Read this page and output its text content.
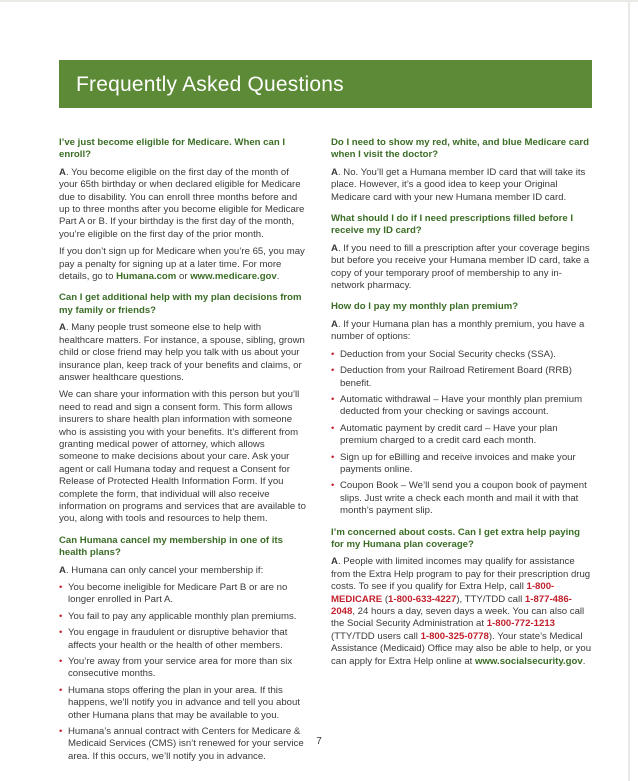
Frequently Asked Questions

I’ve just become eligible for Medicare. When can I enroll?

A. You become eligible on the first day of the month of your 65th birthday or when declared eligible for Medicare due to disability. You can enroll three months before and up to three months after you become eligible for Medicare Part A or B. If your birthday is the first day of the month, you’re eligible on the first day of the prior month.

If you don’t sign up for Medicare when you’re 65, you may pay a penalty for signing up at a later time. For more details, go to Humana.com or www.medicare.gov.

Can I get additional help with my plan decisions from my family or friends?

A. Many people trust someone else to help with healthcare matters. For instance, a spouse, sibling, grown child or close friend may help you talk with us about your insurance plan, keep track of your benefits and claims, or answer healthcare questions.

We can share your information with this person but you’ll need to read and sign a consent form. This form allows insurers to share health plan information with someone who is assisting you with your benefits. It’s different from granting medical power of attorney, which allows someone to make decisions about your care. Ask your agent or call Humana today and request a Consent for Release of Protected Health Information Form. If you complete the form, that individual will also receive information on programs and services that are available to you, along with tools and resources to help them.

Can Humana cancel my membership in one of its health plans?

A. Humana can only cancel your membership if:

• You become ineligible for Medicare Part B or are no longer enrolled in Part A.
• You fail to pay any applicable monthly plan premiums.
• You engage in fraudulent or disruptive behavior that affects your health or the health of other members.
• You’re away from your service area for more than six consecutive months.
• Humana stops offering the plan in your area. If this happens, we’ll notify you in advance and tell you about other Humana plans that may be available to you.
• Humana’s annual contract with Centers for Medicare & Medicaid Services (CMS) isn’t renewed for your service area. If this occurs, we’ll notify you in advance.

Do I need to show my red, white, and blue Medicare card when I visit the doctor?

A. No. You’ll get a Humana member ID card that will take its place. However, it’s a good idea to keep your Original Medicare card with your new Humana member ID card.

What should I do if I need prescriptions filled before I receive my ID card?

A. If you need to fill a prescription after your coverage begins but before you receive your Humana member ID card, take a copy of your temporary proof of membership to any in-network pharmacy.

How do I pay my monthly plan premium?

A. If your Humana plan has a monthly premium, you have a number of options:

• Deduction from your Social Security checks (SSA).
• Deduction from your Railroad Retirement Board (RRB) benefit.
• Automatic withdrawal – Have your monthly plan premium deducted from your checking or savings account.
• Automatic payment by credit card – Have your plan premium charged to a credit card each month.
• Sign up for eBilling and receive invoices and make your payments online.
• Coupon Book – We’ll send you a coupon book of payment slips. Just write a check each month and mail it with that month’s payment slip.

I’m concerned about costs. Can I get extra help paying for my Humana plan coverage?

A. People with limited incomes may qualify for assistance from the Extra Help program to pay for their prescription drug costs. To see if you qualify for Extra Help, call 1-800-MEDICARE (1-800-633-4227), TTY/TDD call 1-877-486-2048, 24 hours a day, seven days a week. You can also call the Social Security Administration at 1-800-772-1213 (TTY/TDD users call 1-800-325-0778). Your state’s Medical Assistance (Medicaid) Office may also be able to help, or you can apply for Extra Help online at www.socialsecurity.gov.

7
